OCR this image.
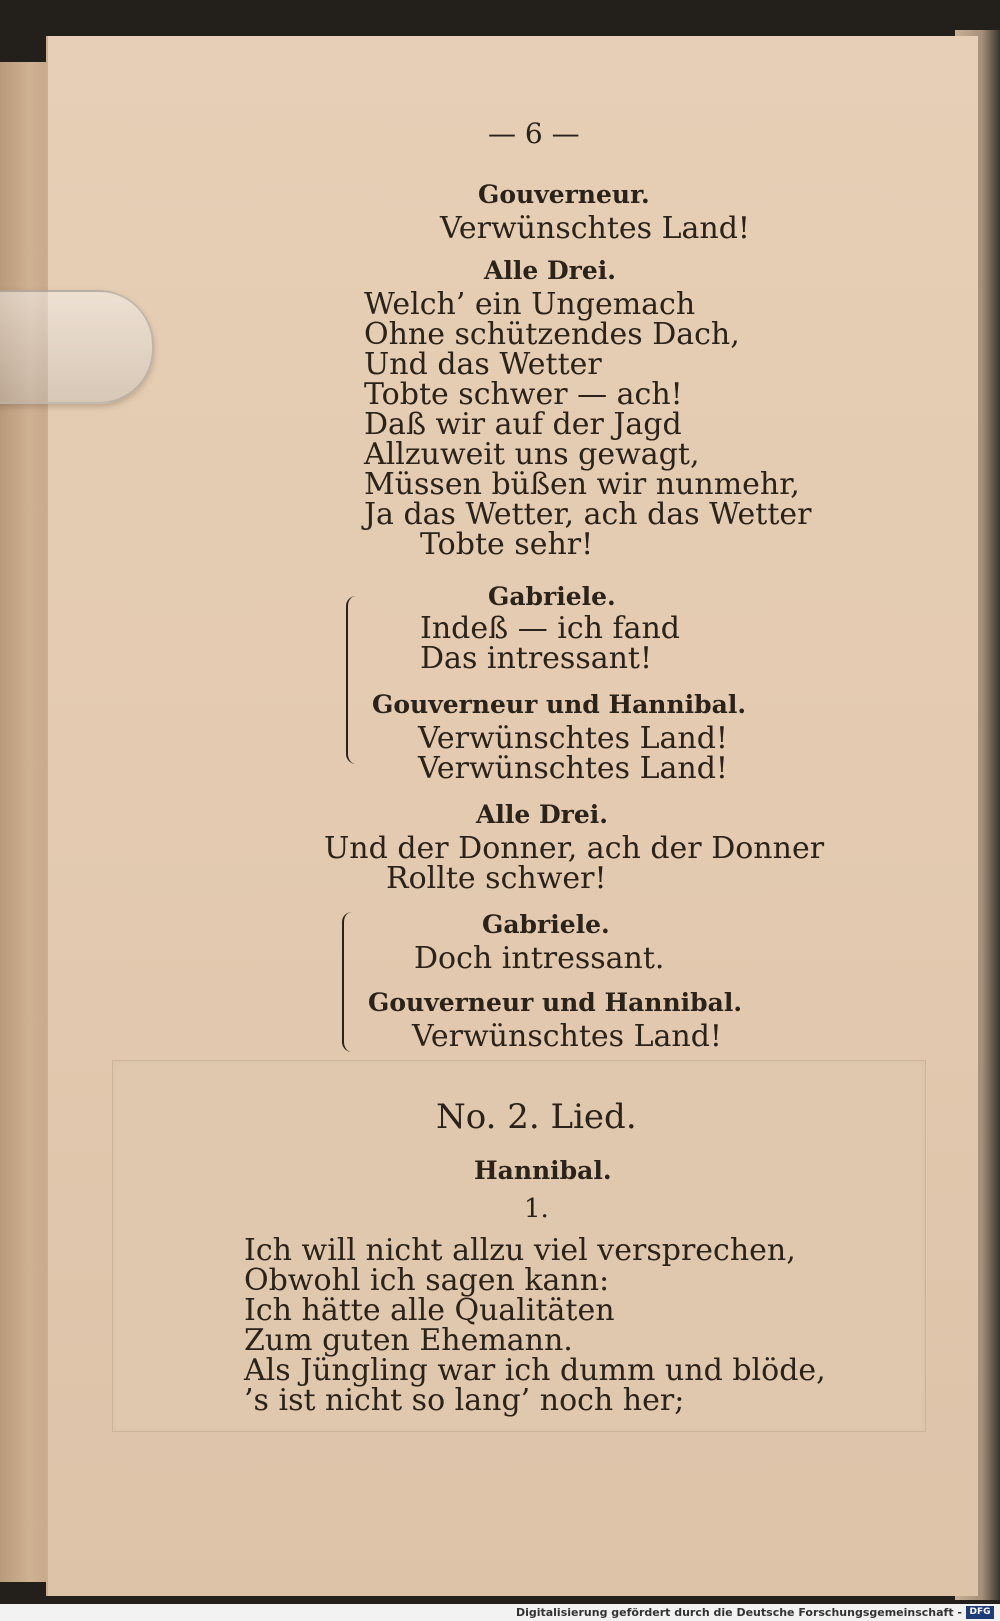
— 6 —
Gouverneur.
Verwünschtes Land!
Alle Drei.
Welch’ ein Ungemach
Ohne schützendes Dach,
Und das Wetter
Tobte schwer — ach!
Daß wir auf der Jagd
Allzuweit uns gewagt,
Müssen büßen wir nunmehr,
Ja das Wetter, ach das Wetter
Tobte sehr!
Gabriele.
Indeß — ich fand
Das intressant!
Gouverneur und Hannibal.
Verwünschtes Land!
Verwünschtes Land!
Alle Drei.
Und der Donner, ach der Donner
Rollte schwer!
Gabriele.
Doch intressant.
Gouverneur und Hannibal.
Verwünschtes Land!
No. 2. Lied.
Hannibal.
1.
Ich will nicht allzu viel versprechen,
Obwohl ich sagen kann:
Ich hätte alle Qualitäten
Zum guten Ehemann.
Als Jüngling war ich dumm und blöde,
’s ist nicht so lang’ noch her;
Digitalisierung gefördert durch die Deutsche Forschungsgemeinschaft - DFG
